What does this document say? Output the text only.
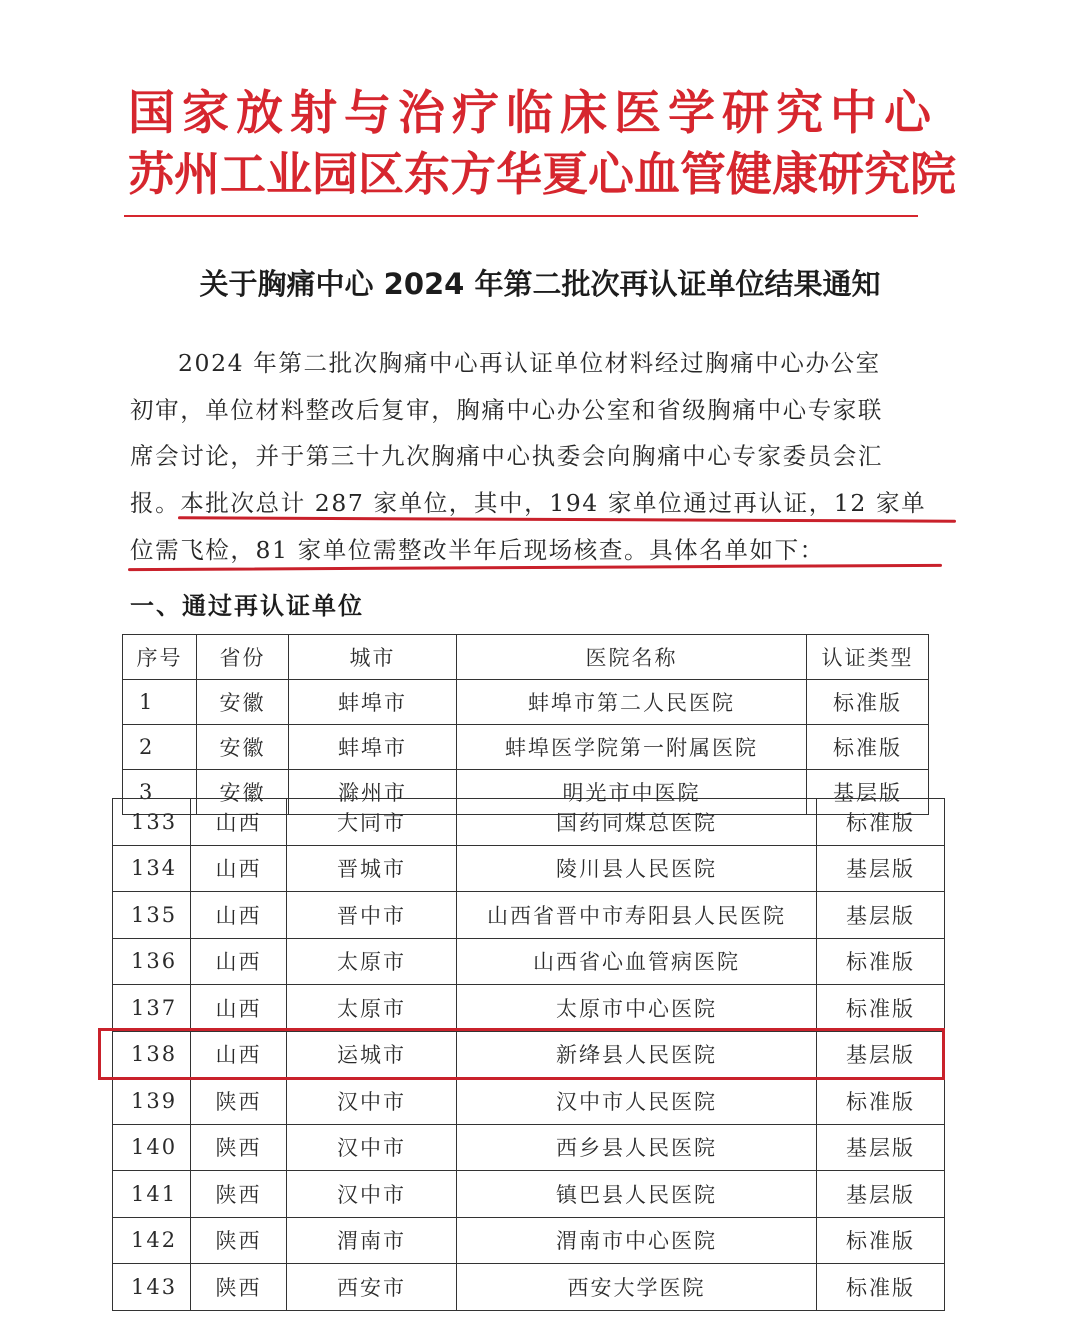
国家放射与治疗临床医学研究中心
苏州工业园区东方华夏心血管健康研究院
关于胸痛中心 2024 年第二批次再认证单位结果通知
2024 年第二批次胸痛中心再认证单位材料经过胸痛中心办公室
初审，单位材料整改后复审，胸痛中心办公室和省级胸痛中心专家联
席会讨论，并于第三十九次胸痛中心执委会向胸痛中心专家委员会汇
报。本批次总计 287 家单位，其中，194 家单位通过再认证，12 家单
位需飞检，81 家单位需整改半年后现场核查。具体名单如下：
一、通过再认证单位
序号	省份	城市	医院名称	认证类型
1	安徽	蚌埠市	蚌埠市第二人民医院	标准版
2	安徽	蚌埠市	蚌埠医学院第一附属医院	标准版
3	安徽	滁州市	明光市中医院	基层版
133	山西	大同市	国药同煤总医院	标准版
134	山西	晋城市	陵川县人民医院	基层版
135	山西	晋中市	山西省晋中市寿阳县人民医院	基层版
136	山西	太原市	山西省心血管病医院	标准版
137	山西	太原市	太原市中心医院	标准版
138	山西	运城市	新绛县人民医院	基层版
139	陕西	汉中市	汉中市人民医院	标准版
140	陕西	汉中市	西乡县人民医院	基层版
141	陕西	汉中市	镇巴县人民医院	基层版
142	陕西	渭南市	渭南市中心医院	标准版
143	陕西	西安市	西安大学医院	标准版
